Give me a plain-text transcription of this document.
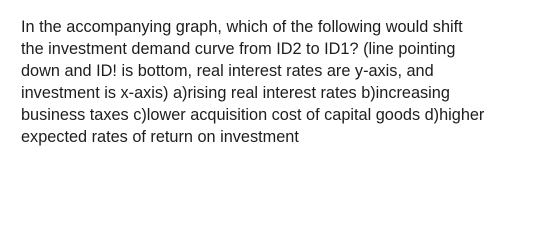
In the accompanying graph, which of the following would shift
the investment demand curve from ID2 to ID1? (line pointing
down and ID! is bottom, real interest rates are y-axis, and
investment is x-axis) a)rising real interest rates b)increasing
business taxes c)lower acquisition cost of capital goods d)higher
expected rates of return on investment
